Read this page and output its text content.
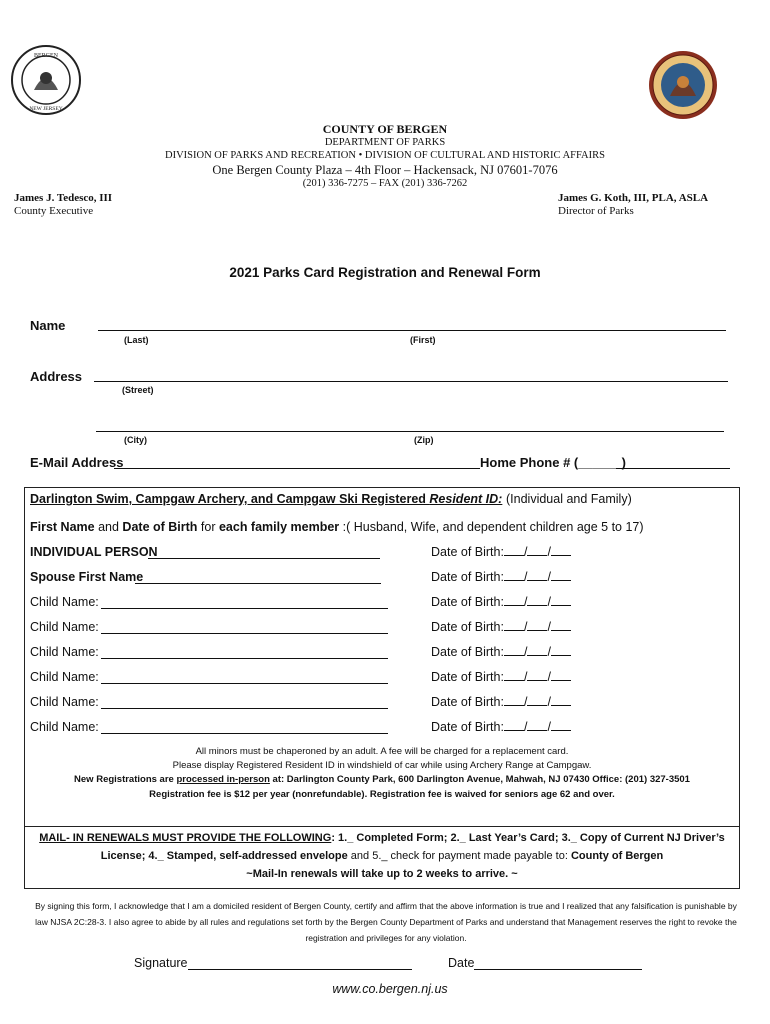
BERGEN
NEW JERSEY
COUNTY OF BERGEN
DEPARTMENT OF PARKS
DIVISION OF PARKS AND RECREATION • DIVISION OF CULTURAL AND HISTORIC AFFAIRS
One Bergen County Plaza – 4th Floor – Hackensack, NJ 07601-7076
(201) 336-7275 – FAX (201) 336-7262
James J. Tedesco, III
County Executive
James G. Koth, III, PLA, ASLA
Director of Parks
2021 Parks Card Registration and Renewal Form
Name
(Last)	(First)
Address
(Street)
(City)	(Zip)
E-Mail Address	Home Phone # (______)
Darlington Swim, Campgaw Archery, and Campgaw Ski Registered Resident ID: (Individual and Family)
First Name and Date of Birth for each family member :( Husband, Wife, and dependent children age 5 to 17)
INDIVIDUAL PERSON	Date of Birth: / /
Spouse First Name	Date of Birth: / /
Child Name:	Date of Birth: / /
Child Name:	Date of Birth: / /
Child Name:	Date of Birth: / /
Child Name:	Date of Birth: / /
Child Name:	Date of Birth: / /
Child Name:	Date of Birth: / /
All minors must be chaperoned by an adult. A fee will be charged for a replacement card.
Please display Registered Resident ID in windshield of car while using Archery Range at Campgaw.
New Registrations are processed in-person at: Darlington County Park, 600 Darlington Avenue, Mahwah, NJ 07430 Office: (201) 327-3501
Registration fee is $12 per year (nonrefundable). Registration fee is waived for seniors age 62 and over.
MAIL- IN RENEWALS MUST PROVIDE THE FOLLOWING: 1._ Completed Form; 2._ Last Year’s Card; 3._ Copy of Current NJ Driver’s
License; 4._ Stamped, self-addressed envelope and 5._ check for payment made payable to: County of Bergen
~Mail-In renewals will take up to 2 weeks to arrive. ~
By signing this form, I acknowledge that I am a domiciled resident of Bergen County, certify and affirm that the above information is true and I realized that any falsification is punishable by law NJSA 2C:28-3. I also agree to abide by all rules and regulations set forth by the Bergen County Department of Parks and understand that Management reserves the right to revoke the registration and privileges for any violation.
Signature	Date
www.co.bergen.nj.us
